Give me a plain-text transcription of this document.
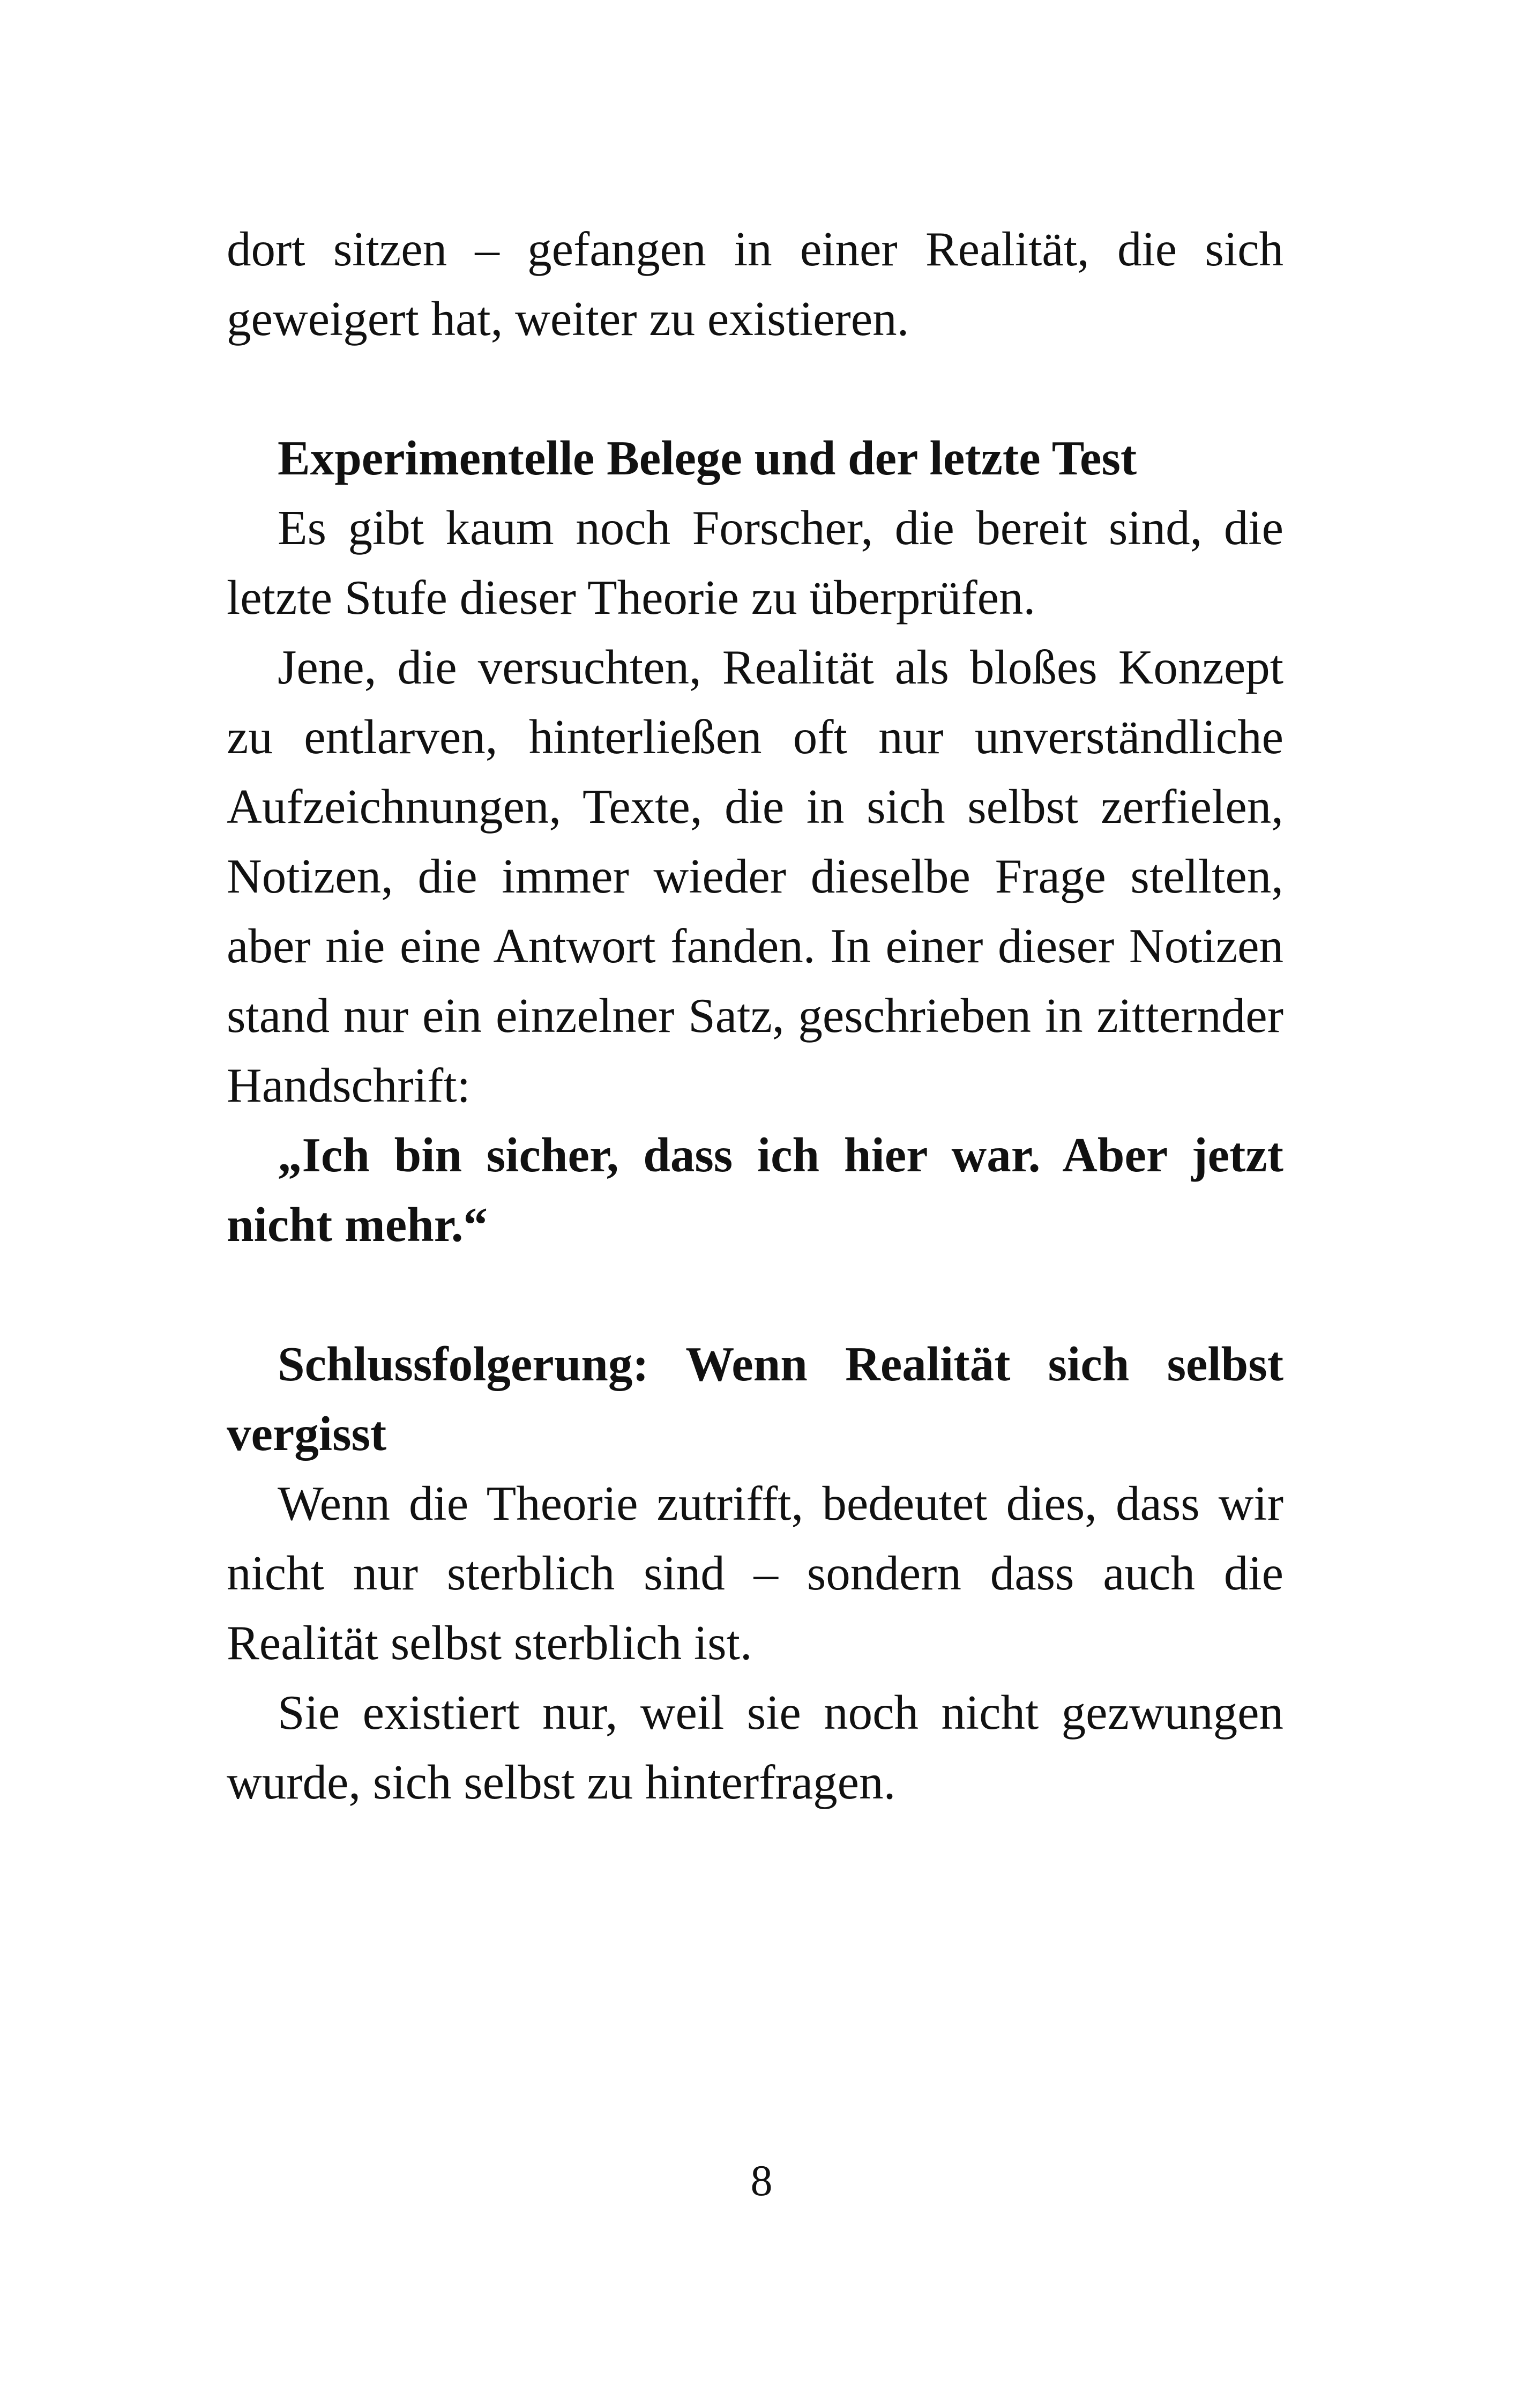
dort sitzen – gefangen in einer Realität, die sich geweigert hat, weiter zu existieren.

Experimentelle Belege und der letzte Test

Es gibt kaum noch Forscher, die bereit sind, die letzte Stufe dieser Theorie zu überprüfen.

Jene, die versuchten, Realität als bloßes Konzept zu entlarven, hinterließen oft nur unverständliche Aufzeichnungen, Texte, die in sich selbst zerfielen, Notizen, die immer wieder dieselbe Frage stellten, aber nie eine Antwort fanden. In einer dieser Notizen stand nur ein einzelner Satz, geschrieben in zitternder Handschrift:

„Ich bin sicher, dass ich hier war. Aber jetzt nicht mehr.“

Schlussfolgerung: Wenn Realität sich selbst vergisst

Wenn die Theorie zutrifft, bedeutet dies, dass wir nicht nur sterblich sind – sondern dass auch die Realität selbst sterblich ist.

Sie existiert nur, weil sie noch nicht gezwungen wurde, sich selbst zu hinterfragen.

8
